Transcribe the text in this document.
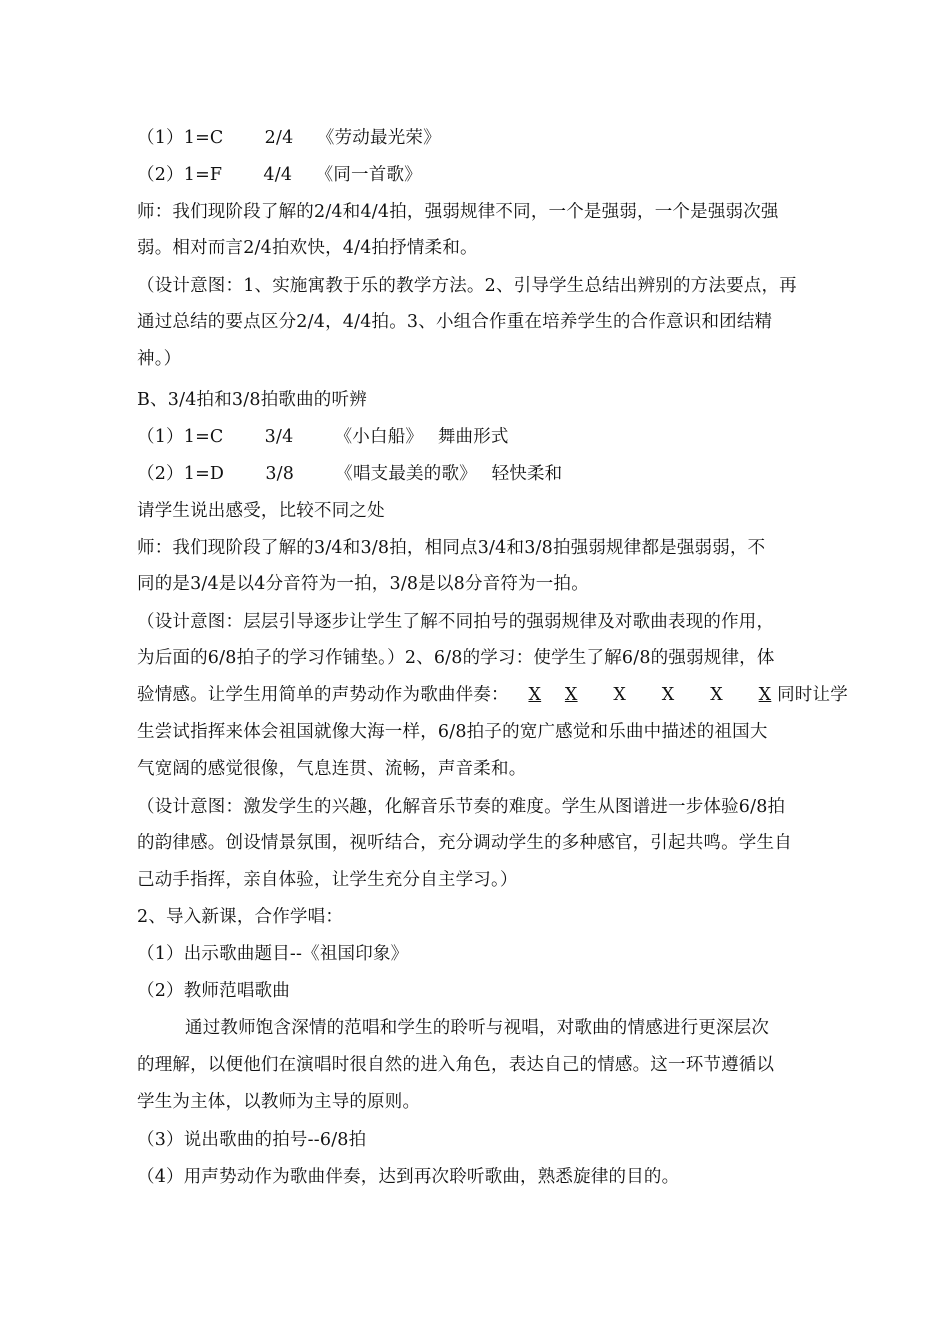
（1）1=C　　 2/4　 《劳动最光荣》
（2）1=F　　 4/4　 《同一首歌》
师：我们现阶段了解的2/4和4/4拍，强弱规律不同，一个是强弱，一个是强弱次强
弱。相对而言2/4拍欢快，4/4拍抒情柔和。
（设计意图：1、实施寓教于乐的教学方法。2、引导学生总结出辨别的方法要点，再
通过总结的要点区分2/4，4/4拍。3、小组合作重在培养学生的合作意识和团结精
神。）
B、3/4拍和3/8拍歌曲的听辨
（1）1=C　　 3/4　　 《小白船》　 舞曲形式
（2）1=D　　 3/8　　 《唱支最美的歌》　 轻快柔和
请学生说出感受，比较不同之处
师：我们现阶段了解的3/4和3/8拍，相同点3/4和3/8拍强弱规律都是强弱弱，不
同的是3/4是以4分音符为一拍，3/8是以8分音符为一拍。
（设计意图：层层引导逐步让学生了解不同拍号的强弱规律及对歌曲表现的作用，
为后面的6/8拍子的学习作铺垫。）2、6/8的学习：使学生了解6/8的强弱规律，体
验情感。让学生用简单的声势动作为歌曲伴奏： X X X X X X 同时让学
生尝试指挥来体会祖国就像大海一样，6/8拍子的宽广感觉和乐曲中描述的祖国大
气宽阔的感觉很像，气息连贯、流畅，声音柔和。
（设计意图：激发学生的兴趣，化解音乐节奏的难度。学生从图谱进一步体验6/8拍
的韵律感。创设情景氛围，视听结合，充分调动学生的多种感官，引起共鸣。学生自
己动手指挥，亲自体验，让学生充分自主学习。）
2、导入新课，合作学唱：
（1）出示歌曲题目--《祖国印象》
（2）教师范唱歌曲
通过教师饱含深情的范唱和学生的聆听与视唱，对歌曲的情感进行更深层次
的理解，以便他们在演唱时很自然的进入角色，表达自己的情感。这一环节遵循以
学生为主体，以教师为主导的原则。
（3）说出歌曲的拍号--6/8拍
（4）用声势动作为歌曲伴奏，达到再次聆听歌曲，熟悉旋律的目的。
